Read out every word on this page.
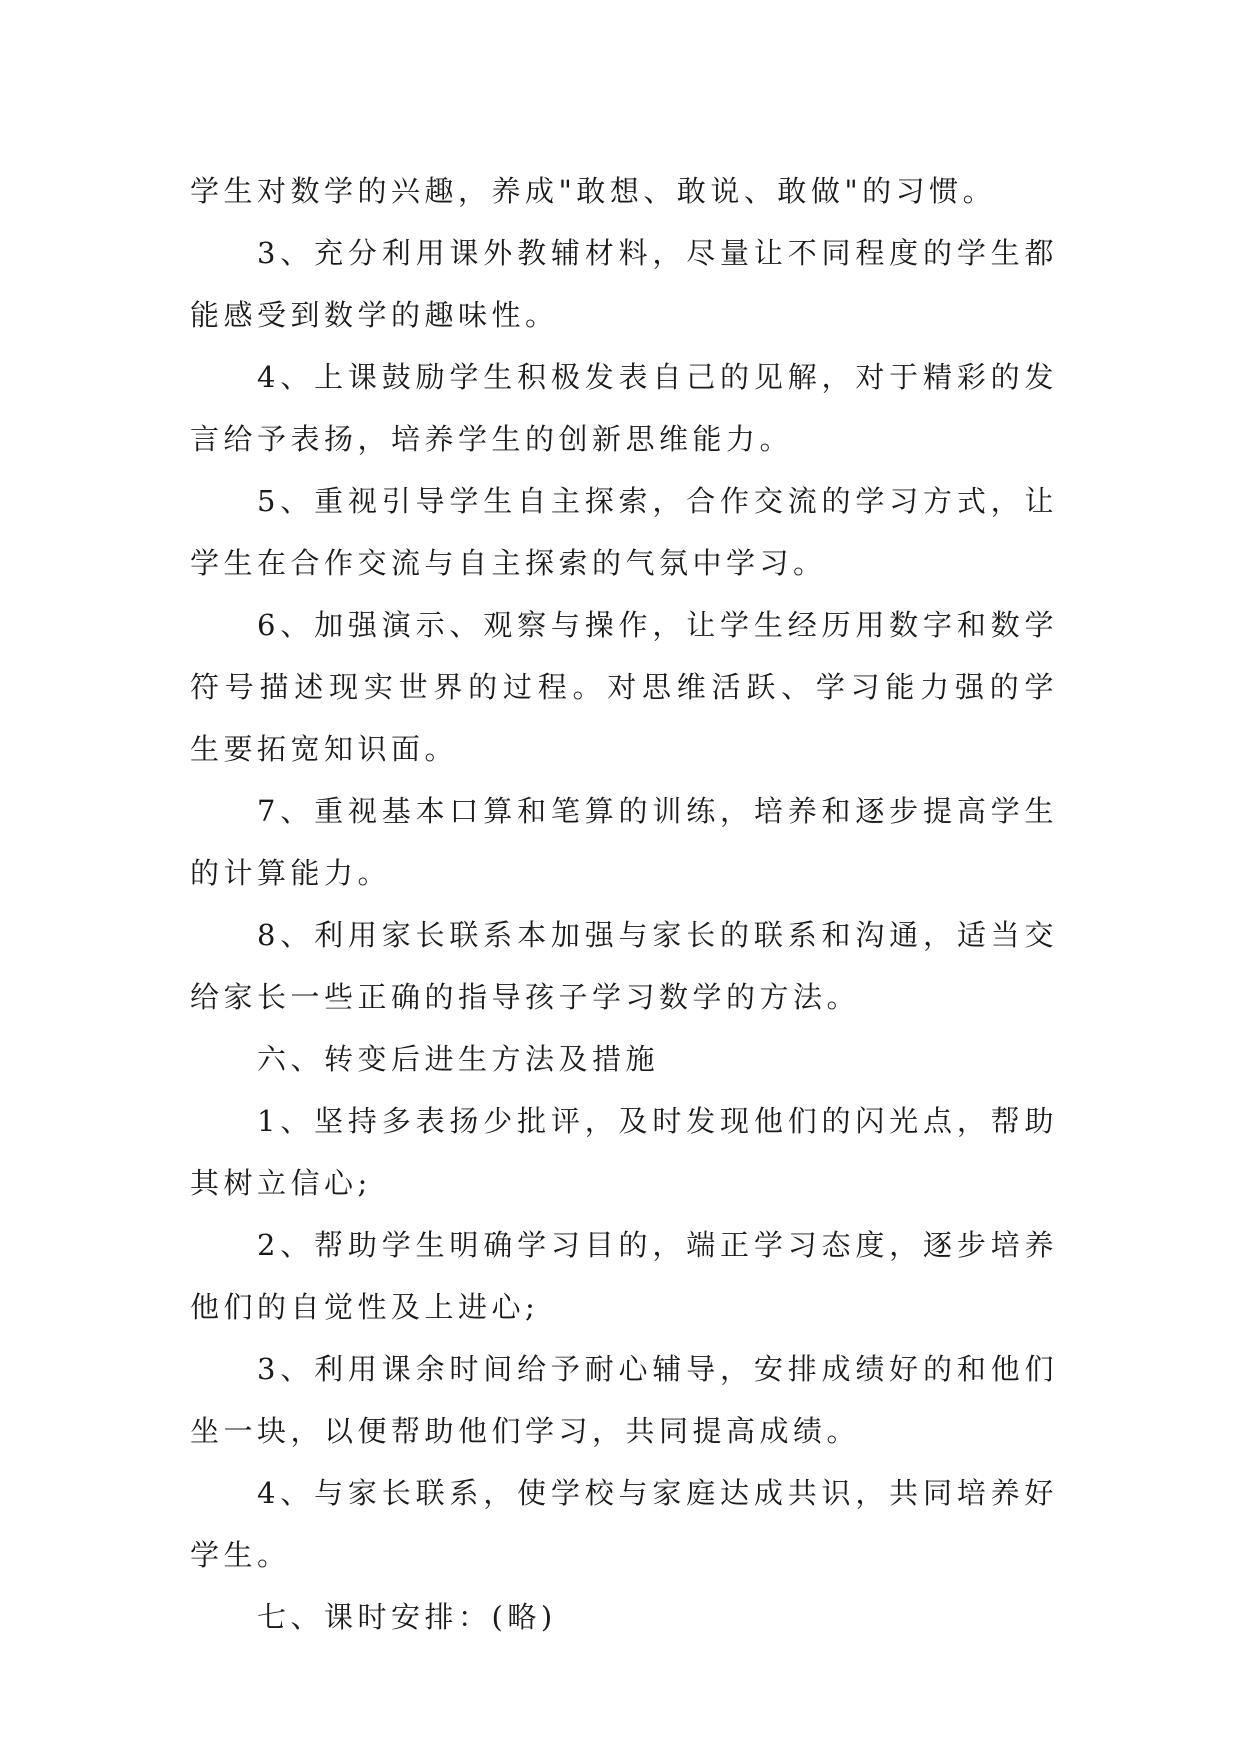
学生对数学的兴趣，养成"敢想、敢说、敢做"的习惯。

3、充分利用课外教辅材料，尽量让不同程度的学生都能感受到数学的趣味性。

4、上课鼓励学生积极发表自己的见解，对于精彩的发言给予表扬，培养学生的创新思维能力。

5、重视引导学生自主探索，合作交流的学习方式，让学生在合作交流与自主探索的气氛中学习。

6、加强演示、观察与操作，让学生经历用数字和数学符号描述现实世界的过程。对思维活跃、学习能力强的学生要拓宽知识面。

7、重视基本口算和笔算的训练，培养和逐步提高学生的计算能力。

8、利用家长联系本加强与家长的联系和沟通，适当交给家长一些正确的指导孩子学习数学的方法。

六、转变后进生方法及措施

1、坚持多表扬少批评，及时发现他们的闪光点，帮助其树立信心;

2、帮助学生明确学习目的，端正学习态度，逐步培养他们的自觉性及上进心;

3、利用课余时间给予耐心辅导，安排成绩好的和他们坐一块，以便帮助他们学习，共同提高成绩。

4、与家长联系，使学校与家庭达成共识，共同培养好学生。

七、课时安排：(略)
